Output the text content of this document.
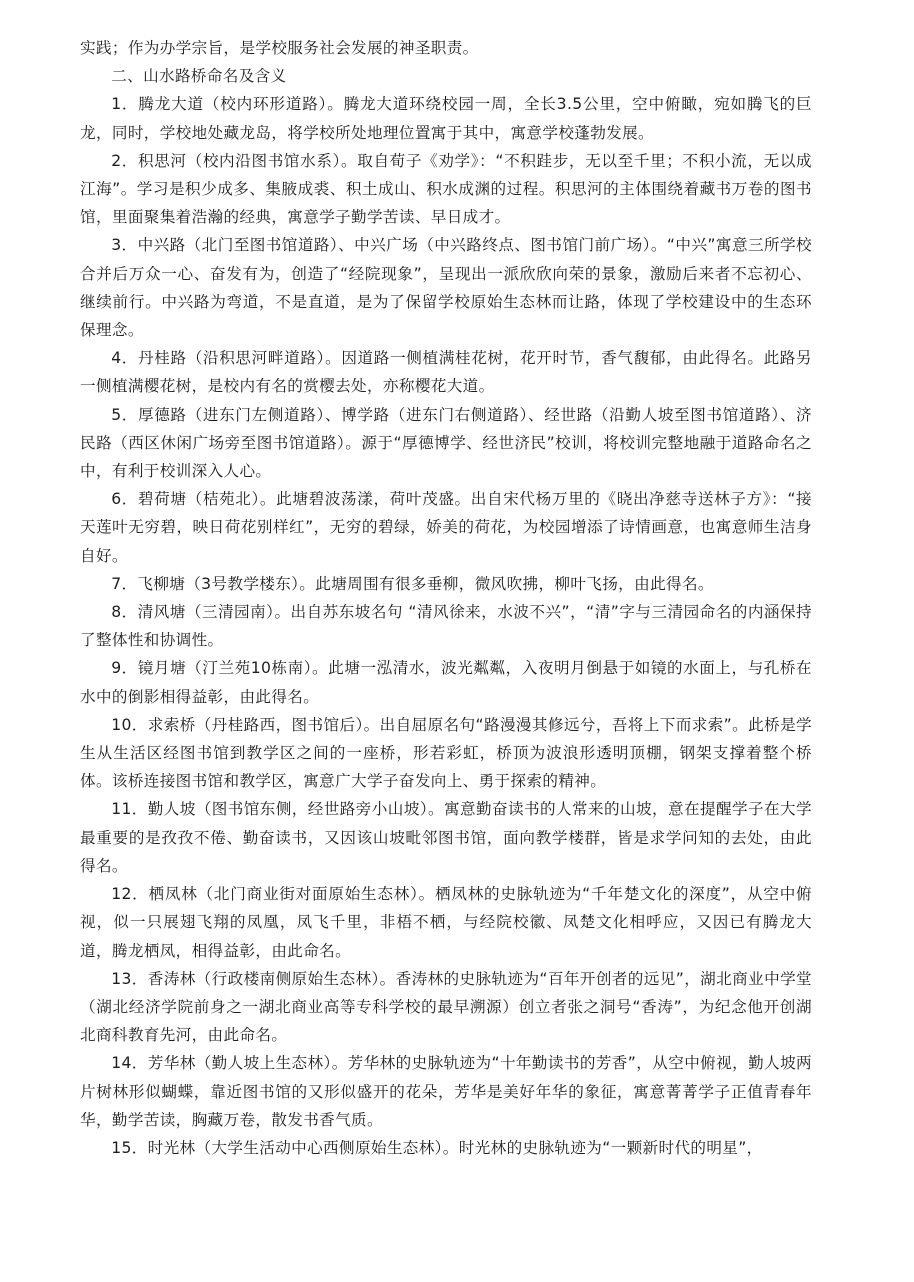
实践；作为办学宗旨，是学校服务社会发展的神圣职责。

二、山水路桥命名及含义

1．腾龙大道（校内环形道路）。腾龙大道环绕校园一周，全长3.5公里，空中俯瞰，宛如腾飞的巨龙，同时，学校地处藏龙岛，将学校所处地理位置寓于其中，寓意学校蓬勃发展。

2．积思河（校内沿图书馆水系）。取自荀子《劝学》：“不积跬步，无以至千里；不积小流，无以成江海”。学习是积少成多、集腋成裘、积土成山、积水成渊的过程。积思河的主体围绕着藏书万卷的图书馆，里面聚集着浩瀚的经典，寓意学子勤学苦读、早日成才。

3．中兴路（北门至图书馆道路）、中兴广场（中兴路终点、图书馆门前广场）。“中兴”寓意三所学校合并后万众一心、奋发有为，创造了“经院现象”，呈现出一派欣欣向荣的景象，激励后来者不忘初心、继续前行。中兴路为弯道，不是直道，是为了保留学校原始生态林而让路，体现了学校建设中的生态环保理念。

4．丹桂路（沿积思河畔道路）。因道路一侧植满桂花树，花开时节，香气馥郁，由此得名。此路另一侧植满樱花树，是校内有名的赏樱去处，亦称樱花大道。

5．厚德路（进东门左侧道路）、博学路（进东门右侧道路）、经世路（沿勤人坡至图书馆道路）、济民路（西区休闲广场旁至图书馆道路）。源于“厚德博学、经世济民”校训，将校训完整地融于道路命名之中，有利于校训深入人心。

6．碧荷塘（桔苑北）。此塘碧波荡漾，荷叶茂盛。出自宋代杨万里的《晓出净慈寺送林子方》：“接天莲叶无穷碧，映日荷花别样红”，无穷的碧绿，娇美的荷花，为校园增添了诗情画意，也寓意师生洁身自好。

7．飞柳塘（3号教学楼东）。此塘周围有很多垂柳，微风吹拂，柳叶飞扬，由此得名。

8．清风塘（三清园南）。出自苏东坡名句 “清风徐来，水波不兴”，“清”字与三清园命名的内涵保持了整体性和协调性。

9．镜月塘（汀兰苑10栋南）。此塘一泓清水，波光粼粼，入夜明月倒悬于如镜的水面上，与孔桥在水中的倒影相得益彰，由此得名。

10．求索桥（丹桂路西，图书馆后）。出自屈原名句“路漫漫其修远兮，吾将上下而求索”。此桥是学生从生活区经图书馆到教学区之间的一座桥，形若彩虹，桥顶为波浪形透明顶棚，钢架支撑着整个桥体。该桥连接图书馆和教学区，寓意广大学子奋发向上、勇于探索的精神。

11．勤人坡（图书馆东侧，经世路旁小山坡）。寓意勤奋读书的人常来的山坡，意在提醒学子在大学最重要的是孜孜不倦、勤奋读书，又因该山坡毗邻图书馆，面向教学楼群，皆是求学问知的去处，由此得名。

12．栖凤林（北门商业街对面原始生态林）。栖凤林的史脉轨迹为“千年楚文化的深度”，从空中俯视，似一只展翅飞翔的凤凰，凤飞千里，非梧不栖，与经院校徽、凤楚文化相呼应，又因已有腾龙大道，腾龙栖凤，相得益彰，由此命名。

13．香涛林（行政楼南侧原始生态林）。香涛林的史脉轨迹为“百年开创者的远见”，湖北商业中学堂（湖北经济学院前身之一湖北商业高等专科学校的最早溯源）创立者张之洞号“香涛”，为纪念他开创湖北商科教育先河，由此命名。

14．芳华林（勤人坡上生态林）。芳华林的史脉轨迹为“十年勤读书的芳香”，从空中俯视，勤人坡两片树林形似蝴蝶，靠近图书馆的又形似盛开的花朵，芳华是美好年华的象征，寓意菁菁学子正值青春年华，勤学苦读，胸藏万卷，散发书香气质。

15．时光林（大学生活动中心西侧原始生态林）。时光林的史脉轨迹为“一颗新时代的明星”，
